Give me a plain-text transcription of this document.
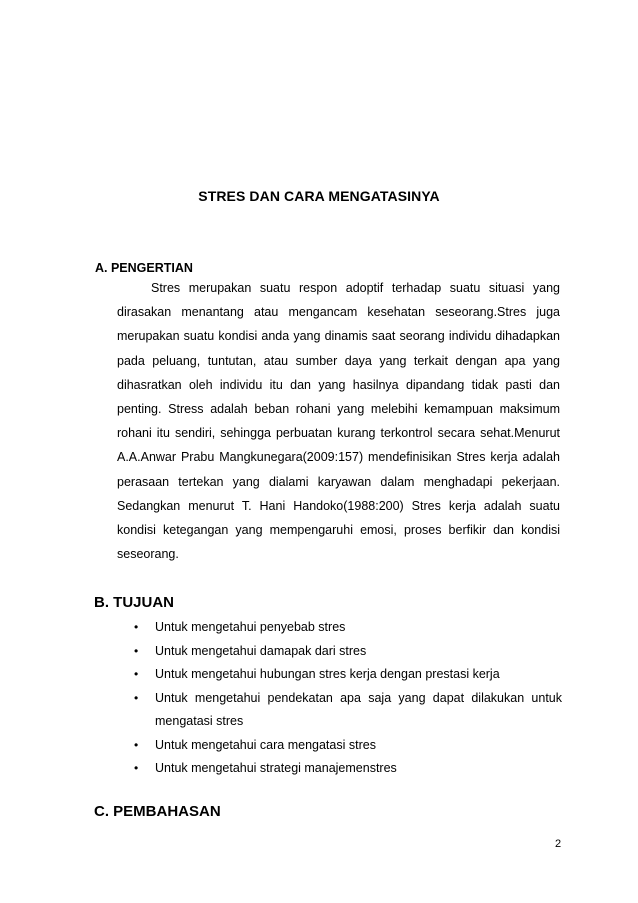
STRES DAN CARA MENGATASINYA
A. PENGERTIAN

Stres merupakan suatu respon adoptif terhadap suatu situasi yang dirasakan menantang atau mengancam kesehatan seseorang.Stres juga merupakan suatu kondisi anda yang dinamis saat seorang individu dihadapkan pada peluang, tuntutan, atau sumber daya yang terkait dengan apa yang dihasratkan oleh individu itu dan yang hasilnya dipandang tidak pasti dan penting. Stress adalah beban rohani yang melebihi kemampuan maksimum rohani itu sendiri, sehingga perbuatan kurang terkontrol secara sehat.Menurut A.A.Anwar Prabu Mangkunegara(2009:157) mendefinisikan Stres kerja adalah perasaan tertekan yang dialami karyawan dalam menghadapi pekerjaan. Sedangkan menurut T. Hani Handoko(1988:200) Stres kerja adalah suatu kondisi ketegangan yang mempengaruhi emosi, proses berfikir dan kondisi seseorang.

B. TUJUAN
• Untuk mengetahui penyebab stres
• Untuk mengetahui damapak dari stres
• Untuk mengetahui hubungan stres kerja dengan prestasi kerja
• Untuk mengetahui pendekatan apa saja yang dapat dilakukan untuk mengatasi stres
• Untuk mengetahui cara mengatasi stres
• Untuk mengetahui strategi manajemenstres
C. PEMBAHASAN
2
